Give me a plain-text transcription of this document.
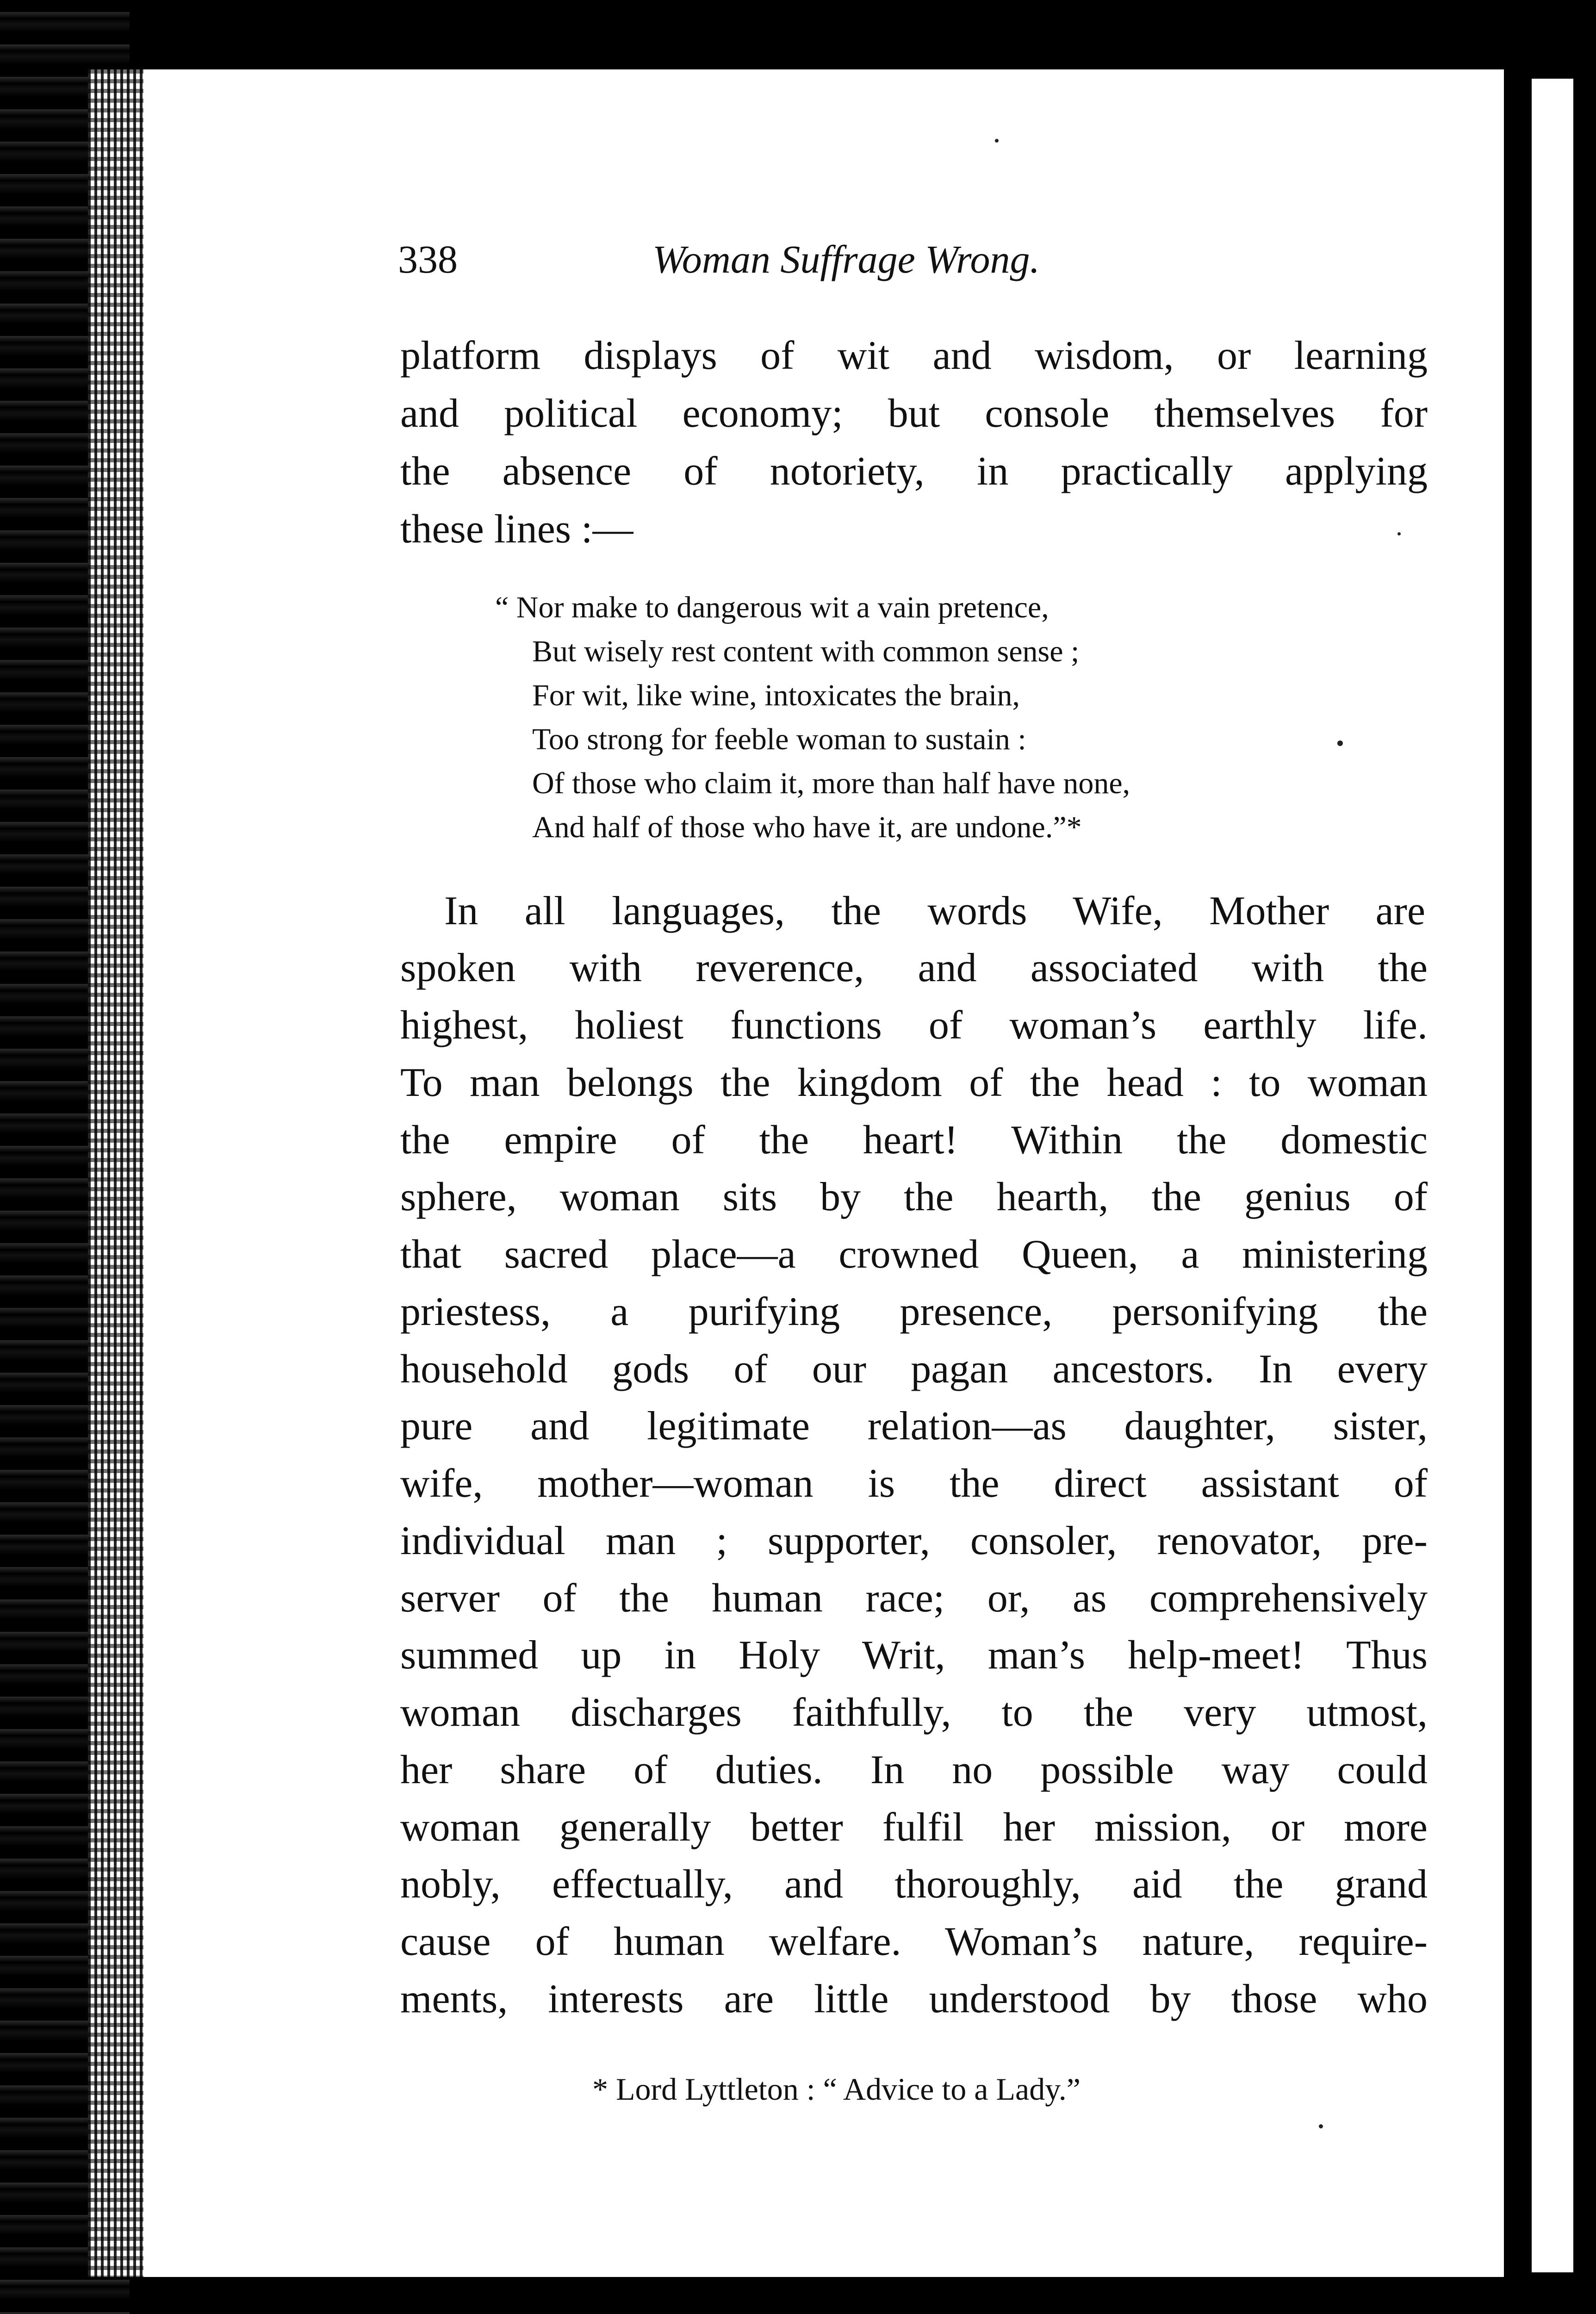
338	Woman Suffrage Wrong.
platform displays of wit and wisdom, or learning
and political economy; but console themselves for
the absence of notoriety, in practically applying
these lines :—
“ Nor make to dangerous wit a vain pretence,
But wisely rest content with common sense ;
For wit, like wine, intoxicates the brain,
Too strong for feeble woman to sustain :
Of those who claim it, more than half have none,
And half of those who have it, are undone.”*
In all languages, the words Wife, Mother are
spoken with reverence, and associated with the
highest, holiest functions of woman’s earthly life.
To man belongs the kingdom of the head : to woman
the empire of the heart! Within the domestic
sphere, woman sits by the hearth, the genius of
that sacred place—a crowned Queen, a ministering
priestess, a purifying presence, personifying the
household gods of our pagan ancestors. In every
pure and legitimate relation—as daughter, sister,
wife, mother—woman is the direct assistant of
individual man ; supporter, consoler, renovator, pre-
server of the human race; or, as comprehensively
summed up in Holy Writ, man’s help-meet! Thus
woman discharges faithfully, to the very utmost,
her share of duties. In no possible way could
woman generally better fulfil her mission, or more
nobly, effectually, and thoroughly, aid the grand
cause of human welfare. Woman’s nature, require-
ments, interests are little understood by those who
* Lord Lyttleton : “ Advice to a Lady.”
